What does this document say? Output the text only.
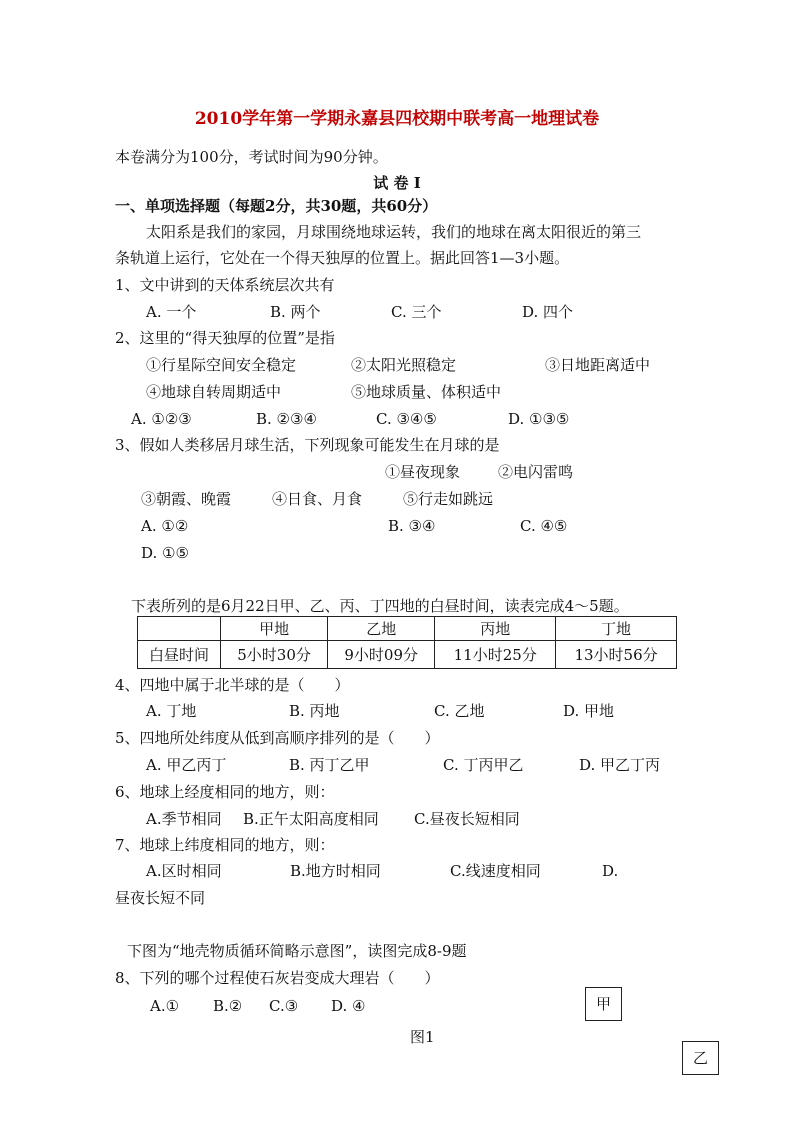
2010学年第一学期永嘉县四校期中联考高一地理试卷
本卷满分为100分，考试时间为90分钟。
试 卷 I
一、单项选择题（每题2分，共30题，共60分）
太阳系是我们的家园，月球围绕地球运转，我们的地球在离太阳很近的第三
条轨道上运行，它处在一个得天独厚的位置上。据此回答1—3小题。
1、文中讲到的天体系统层次共有
A. 一个	B. 两个	C. 三个	D. 四个
2、这里的“得天独厚的位置”是指
①行星际空间安全稳定	②太阳光照稳定	③日地距离适中
④地球自转周期适中	⑤地球质量、体积适中
A. ①②③	B. ②③④	C. ③④⑤	D. ①③⑤
3、假如人类移居月球生活，下列现象可能发生在月球的是
①昼夜现象	②电闪雷鸣
③朝霞、晚霞	④日食、月食	⑤行走如跳远
A. ①②	B. ③④	C. ④⑤
D. ①⑤
下表所列的是6月22日甲、乙、丙、丁四地的白昼时间，读表完成4～5题。
	甲地	乙地	丙地	丁地
白昼时间	5小时30分	9小时09分	11小时25分	13小时56分
4、四地中属于北半球的是（　　）
A. 丁地	B. 丙地	C. 乙地	D. 甲地
5、四地所处纬度从低到高顺序排列的是（　　）
A. 甲乙丙丁	B. 丙丁乙甲	C. 丁丙甲乙	D. 甲乙丁丙
6、地球上经度相同的地方，则：
A.季节相同 B.正午太阳高度相同 C.昼夜长短相同
7、地球上纬度相同的地方，则：
A.区时相同	B.地方时相同	C.线速度相同	D.
昼夜长短不同
下图为“地壳物质循环简略示意图”，读图完成8-9题
8、下列的哪个过程使石灰岩变成大理岩（　　）
A.① B.② C.③ D. ④	甲
图1
乙
